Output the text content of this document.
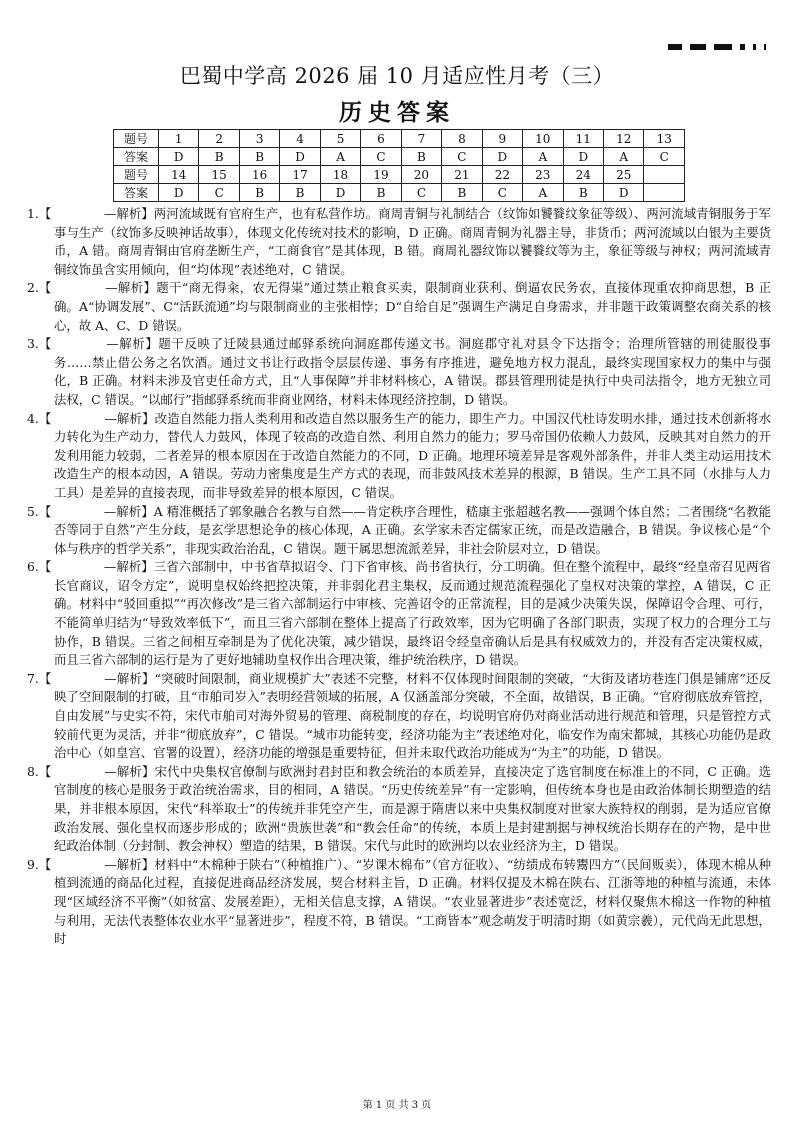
巴蜀中学高 2026 届 10 月适应性月考（三）
历史答案
题号	1	2	3	4	5	6	7	8	9	10	11	12	13
答案	D	B	B	D	A	C	B	C	D	A	D	A	C
题号	14	15	16	17	18	19	20	21	22	23	24	25	
答案	D	C	B	B	D	B	C	B	C	A	B	D	
1.【 　　　　—解析】两河流域既有官府生产，也有私营作坊。商周青铜与礼制结合（纹饰如饕餮纹象征等级）、两河流域青铜服务于军事与生产（纹饰多反映神话故事），体现文化传统对技术的影响，D 正确。商周青铜为礼器主导，非货币；两河流域以白银为主要货币，A 错。商周青铜由官府垄断生产，“工商食官”是其体现，B 错。商周礼器纹饰以饕餮纹等为主，象征等级与神权；两河流域青铜纹饰虽含实用倾向，但“均体现”表述绝对，C 错误。
2.【 　　　　—解析】题干“商无得籴，农无得粜”通过禁止粮食买卖，限制商业获利、倒逼农民务农，直接体现重农抑商思想，B 正确。A“协调发展”、C“活跃流通”均与限制商业的主张相悖；D“自给自足”强调生产满足自身需求，并非题干政策调整农商关系的核心，故 A、C、D 错误。
3.【 　　　　—解析】题干反映了迁陵县通过邮驿系统向洞庭郡传递文书。洞庭郡守礼对县令下达指令；治理所管辖的刑徒服役事务……禁止借公务之名饮酒。通过文书让行政指令层层传递、事务有序推进，避免地方权力混乱，最终实现国家权力的集中与强化，B 正确。材料未涉及官吏任命方式，且“人事保障”并非材料核心，A 错误。郡县管理刑徒是执行中央司法指令，地方无独立司法权，C 错误。“以邮行”指邮驿系统而非商业网络，材料未体现经济控制，D 错误。
4.【 　　　　—解析】改造自然能力指人类利用和改造自然以服务生产的能力，即生产力。中国汉代杜诗发明水排，通过技术创新将水力转化为生产动力，替代人力鼓风，体现了较高的改造自然、利用自然力的能力；罗马帝国仍依赖人力鼓风，反映其对自然力的开发利用能力较弱，二者差异的根本原因在于改造自然能力的不同，D 正确。地理环境差异是客观外部条件，并非人类主动运用技术改造生产的根本动因，A 错误。劳动力密集度是生产方式的表现，而非鼓风技术差异的根源，B 错误。生产工具不同（水排与人力工具）是差异的直接表现，而非导致差异的根本原因，C 错误。
5.【 　　　　—解析】A 精准概括了郭象融合名教与自然——肯定秩序合理性，嵇康主张超越名教——强调个体自然；二者围绕“名教能否等同于自然”产生分歧，是玄学思想论争的核心体现，A 正确。玄学家未否定儒家正统，而是改造融合，B 错误。争议核心是“个体与秩序的哲学关系”，非现实政治治乱，C 错误。题干属思想流派差异，非社会阶层对立，D 错误。
6.【 　　　　—解析】三省六部制中，中书省草拟诏令、门下省审核、尚书省执行，分工明确。但在整个流程中，最终“经皇帝召见两省长官商议，诏令方定”，说明皇权始终把控决策，并非弱化君主集权，反而通过规范流程强化了皇权对决策的掌控，A 错误，C 正确。材料中“驳回重拟”“再次修改”是三省六部制运行中审核、完善诏令的正常流程，目的是减少决策失误，保障诏令合理、可行，不能简单归结为“导致效率低下”，而且三省六部制在整体上提高了行政效率，因为它明确了各部门职责，实现了权力的合理分工与协作，B 错误。三省之间相互牵制是为了优化决策，减少错误，最终诏令经皇帝确认后是具有权威效力的，并没有否定决策权威，而且三省六部制的运行是为了更好地辅助皇权作出合理决策，维护统治秩序，D 错误。
7.【 　　　　—解析】“突破时间限制，商业规模扩大”表述不完整，材料不仅体现时间限制的突破，“大街及诸坊巷连门俱是铺席”还反映了空间限制的打破，且“市舶司岁入”表明经营领域的拓展，A 仅涵盖部分突破，不全面，故错误，B 正确。“官府彻底放弃管控，自由发展”与史实不符，宋代市舶司对海外贸易的管理、商税制度的存在，均说明官府仍对商业活动进行规范和管理，只是管控方式较前代更为灵活，并非“彻底放弃”，C 错误。“城市功能转变，经济功能为主”表述绝对化，临安作为南宋都城，其核心功能仍是政治中心（如皇宫、官署的设置），经济功能的增强是重要特征，但并未取代政治功能成为“为主”的功能，D 错误。
8.【 　　　　—解析】宋代中央集权官僚制与欧洲封君封臣和教会统治的本质差异，直接决定了选官制度在标准上的不同，C 正确。选官制度的核心是服务于政治统治需求，目的相同，A 错误。“历史传统差异”有一定影响，但传统本身也是由政治体制长期塑造的结果，并非根本原因，宋代“科举取士”的传统并非凭空产生，而是源于隋唐以来中央集权制度对世家大族特权的削弱，是为适应官僚政治发展、强化皇权而逐步形成的；欧洲“贵族世袭”和“教会任命”的传统，本质上是封建割据与神权统治长期存在的产物，是中世纪政治体制（分封制、教会神权）塑造的结果，B 错误。宋代与此时的欧洲均以农业经济为主，D 错误。
9.【 　　　　—解析】材料中“木棉种于陕右”（种植推广）、“岁课木棉布”（官方征收）、“纺绩成布转鬻四方”（民间贩卖），体现木棉从种植到流通的商品化过程，直接促进商品经济发展，契合材料主旨，D 正确。材料仅提及木棉在陕右、江浙等地的种植与流通，未体现“区域经济不平衡”（如贫富、发展差距），无相关信息支撑，A 错误。“农业显著进步”表述宽泛，材料仅聚焦木棉这一作物的种植与利用，无法代表整体农业水平“显著进步”，程度不符，B 错误。“工商皆本”观念萌发于明清时期（如黄宗羲），元代尚无此思想，时
第 1 页 共 3 页
